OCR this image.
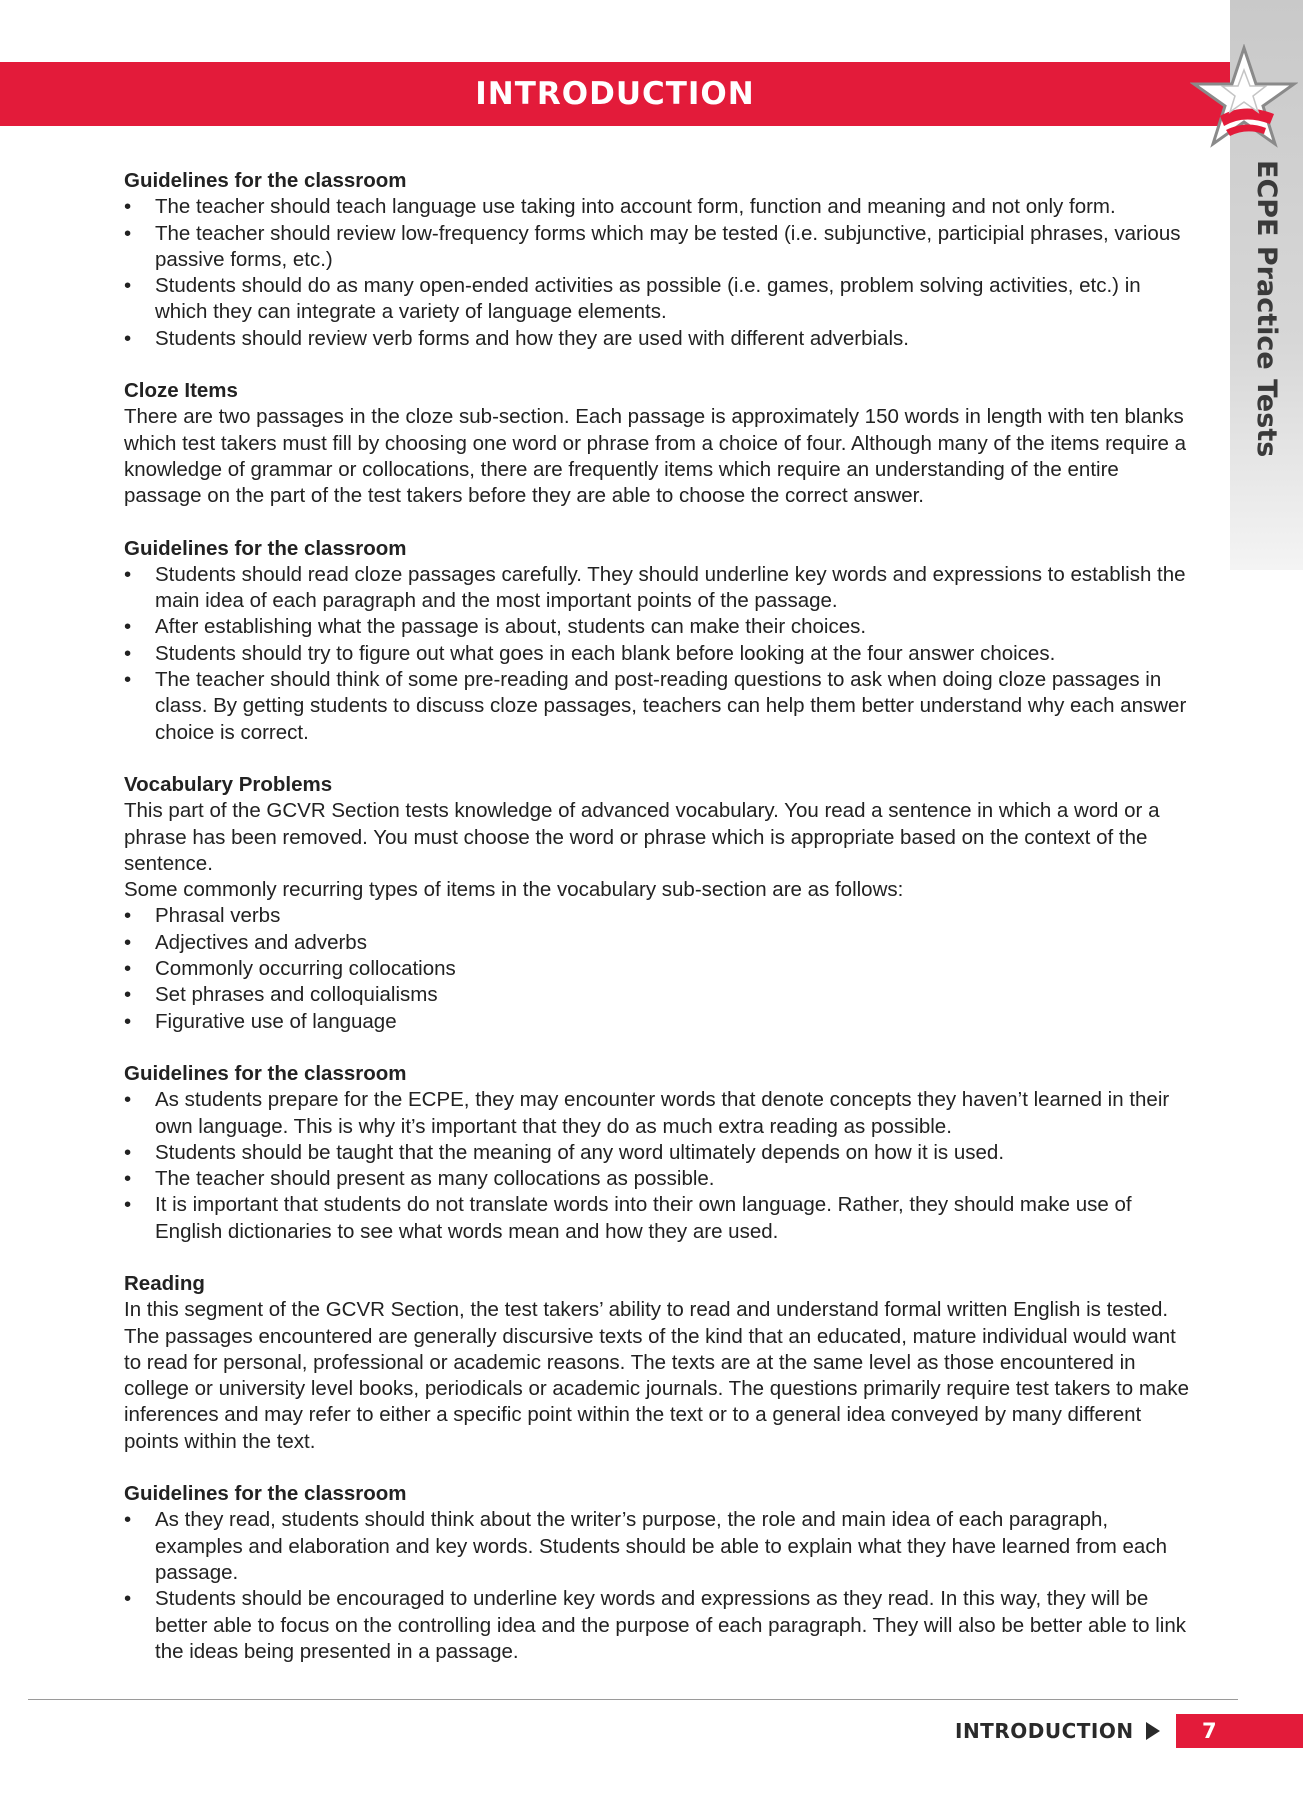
ECPE Practice Tests
INTRODUCTION
Guidelines for the classroom
• The teacher should teach language use taking into account form, function and meaning and not only form.
• The teacher should review low-frequency forms which may be tested (i.e. subjunctive, participial phrases, various passive forms, etc.)
• Students should do as many open-ended activities as possible (i.e. games, problem solving activities, etc.) in which they can integrate a variety of language elements.
• Students should review verb forms and how they are used with different adverbials.
Cloze Items

There are two passages in the cloze sub-section. Each passage is approximately 150 words in length with ten blanks which test takers must fill by choosing one word or phrase from a choice of four. Although many of the items require a knowledge of grammar or collocations, there are frequently items which require an understanding of the entire passage on the part of the test takers before they are able to choose the correct answer.

Guidelines for the classroom
• Students should read cloze passages carefully. They should underline key words and expressions to establish the main idea of each paragraph and the most important points of the passage.
• After establishing what the passage is about, students can make their choices.
• Students should try to figure out what goes in each blank before looking at the four answer choices.
• The teacher should think of some pre-reading and post-reading questions to ask when doing cloze passages in class. By getting students to discuss cloze passages, teachers can help them better understand why each answer choice is correct.
Vocabulary Problems

This part of the GCVR Section tests knowledge of advanced vocabulary. You read a sentence in which a word or a phrase has been removed. You must choose the word or phrase which is appropriate based on the context of the sentence.

Some commonly recurring types of items in the vocabulary sub-section are as follows:

• Phrasal verbs
• Adjectives and adverbs
• Commonly occurring collocations
• Set phrases and colloquialisms
• Figurative use of language
Guidelines for the classroom
• As students prepare for the ECPE, they may encounter words that denote concepts they haven’t learned in their own language. This is why it’s important that they do as much extra reading as possible.
• Students should be taught that the meaning of any word ultimately depends on how it is used.
• The teacher should present as many collocations as possible.
• It is important that students do not translate words into their own language. Rather, they should make use of English dictionaries to see what words mean and how they are used.
Reading

In this segment of the GCVR Section, the test takers’ ability to read and understand formal written English is tested. The passages encountered are generally discursive texts of the kind that an educated, mature individual would want to read for personal, professional or academic reasons. The texts are at the same level as those encountered in college or university level books, periodicals or academic journals. The questions primarily require test takers to make inferences and may refer to either a specific point within the text or to a general idea conveyed by many different points within the text.

Guidelines for the classroom
• As they read, students should think about the writer’s purpose, the role and main idea of each paragraph, examples and elaboration and key words. Students should be able to explain what they have learned from each passage.
• Students should be encouraged to underline key words and expressions as they read. In this way, they will be better able to focus on the controlling idea and the purpose of each paragraph. They will also be better able to link the ideas being presented in a passage.
INTRODUCTION	7
